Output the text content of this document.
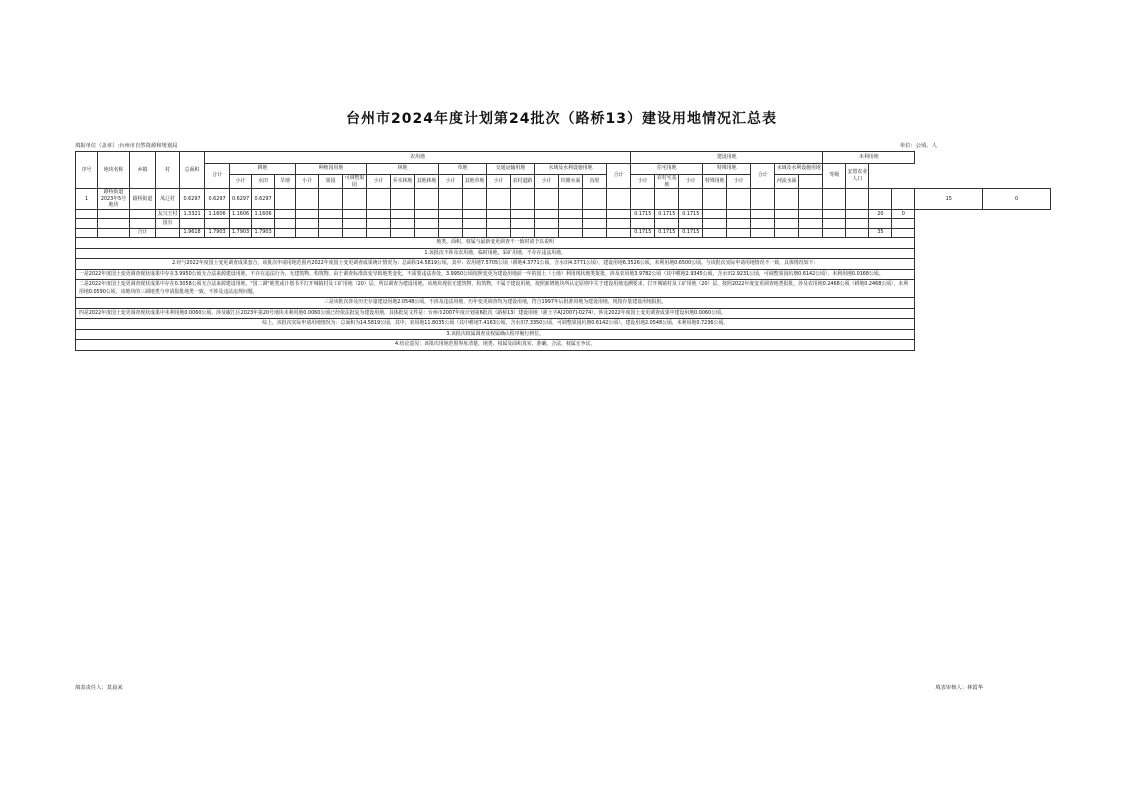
台州市2024年度计划第24批次（路桥13）建设用地情况汇总表
填报单位（盖章）:台州市自然资源和规划局	单位：公顷、人
序号	地块名称	乡镇	村	总面积	农用地																		建设用地								未利用地					
					合计	耕地			种植园用地			林地			草地		交通运输用地		水域及水利设施用地			合计	住宅用地			特殊用地		合计	水域及水利设施用地		等级	安置农业人口				
						小计	水田	旱地	小计	果园	可调整果园	小计	乔木林地	其他林地	小计	其他草地	小计	农村道路	小计	坑塘水面	沟渠		小计	农村宅基地	小计	特殊用地	小计		河流水面							
1	路桥街道2023年5号地块	路桥街道	凤辽村	0.6297	0.6297	0.6297	0.6297																												15	0
			友兴王村	1.3321	1.1606	1.1606	1.1606																0.1715	0.1715	0.1715								20	0		
			国有																																	
		合计		1.9618	1.7903	1.7903	1.7903																0.1715	0.1715	0.1715								35			
地类、面积、权属与最新变更调查不一致时请予以说明																																				
1.该批次不涉及农用地，临时用地，采矿用地，不存在违法用地。																																				
2.经与2022年度国土变更调查成果套合，该批次申请用地范围内2022年度国土变更调查成果统计情况为：总面积14.5819公顷，其中：农用地7.5705公顷（耕地4.3771公顷，含水田4.3771公顷），建设用地6.3526公顷，未利用地0.6500公顷。与该批次实际申请用地情况不一致，具体情况如下：																																				
一是2022年度国土变更调查现状成果中存在3.9950公顷无合法来源建设用地，不存在违法行为，无建筑物、构筑物。由于调查标准改变导致地类变化，不需要违法查处。3.9950公顷按照变更为建设用地前一年的国土（土地）利用现状地类报批，涉及农用地3.9782公顷（其中耕地2.9345公顷，含水田2.9231公顷，可调整果园坑塘0.6142公顷），未利用地0.0168公顷。																																				
二是2022年度国土变更调查现状成果中存在0.3058公顷无合法来源建设用地，"国二调"地类或计划书平打开城镇村及工矿用地（20）层，所以调查为建设用地，该地块现状无建筑物、构筑物，不属于建设用地，按照新增地块所认定原则中关于建设用地追溯要求，打开城镇村及工矿用地（20）层，按照2022年度变更调查地类报批，涉及农用地0.2468公顷（耕地0.2468公顷），未利用地0.0590公顷，该地块的三调地类与申请报批地类一致，不涉及违法违规问题。																																				
三是该批次涉及历史存量建设用地2.0548公顷，不涉及违法用地，历年变更调查均为建设用地，符合1997年后批准用地为建设用地，现按存量建设用地报批。																																				
四是2022年度国土变更调查现状成果中未利用地0.0060公顷，涉及椒江区2023年第20号地块未利用地0.0060公顷已经依法批复为建设用地，具体批复文件是：台州市2007年度计划第6批次（路桥13）建设用地（浙土字A[2007]-0274），涉及2022年度国土变更调查成果中建设用地0.0060公顷。																																				
综上，该批次实际申请用地情况为：总面积为14.5819公顷，其中，农用地11.8035公顷（其中耕地7.4163公顷，含水田7.3350公顷，可调整果园坑塘0.6142公顷），建设用地2.0548公顷，未利用地0.7236公顷。																																				
3.该批次权属调查及权属确认程序履行到位。																																				
4.结论意见：该批次用地范围界址清楚、地类、权属及面积真实、准确、合法，权属无争议。																																				
填表责任人：莫晨来	填表审核人：林霞华
